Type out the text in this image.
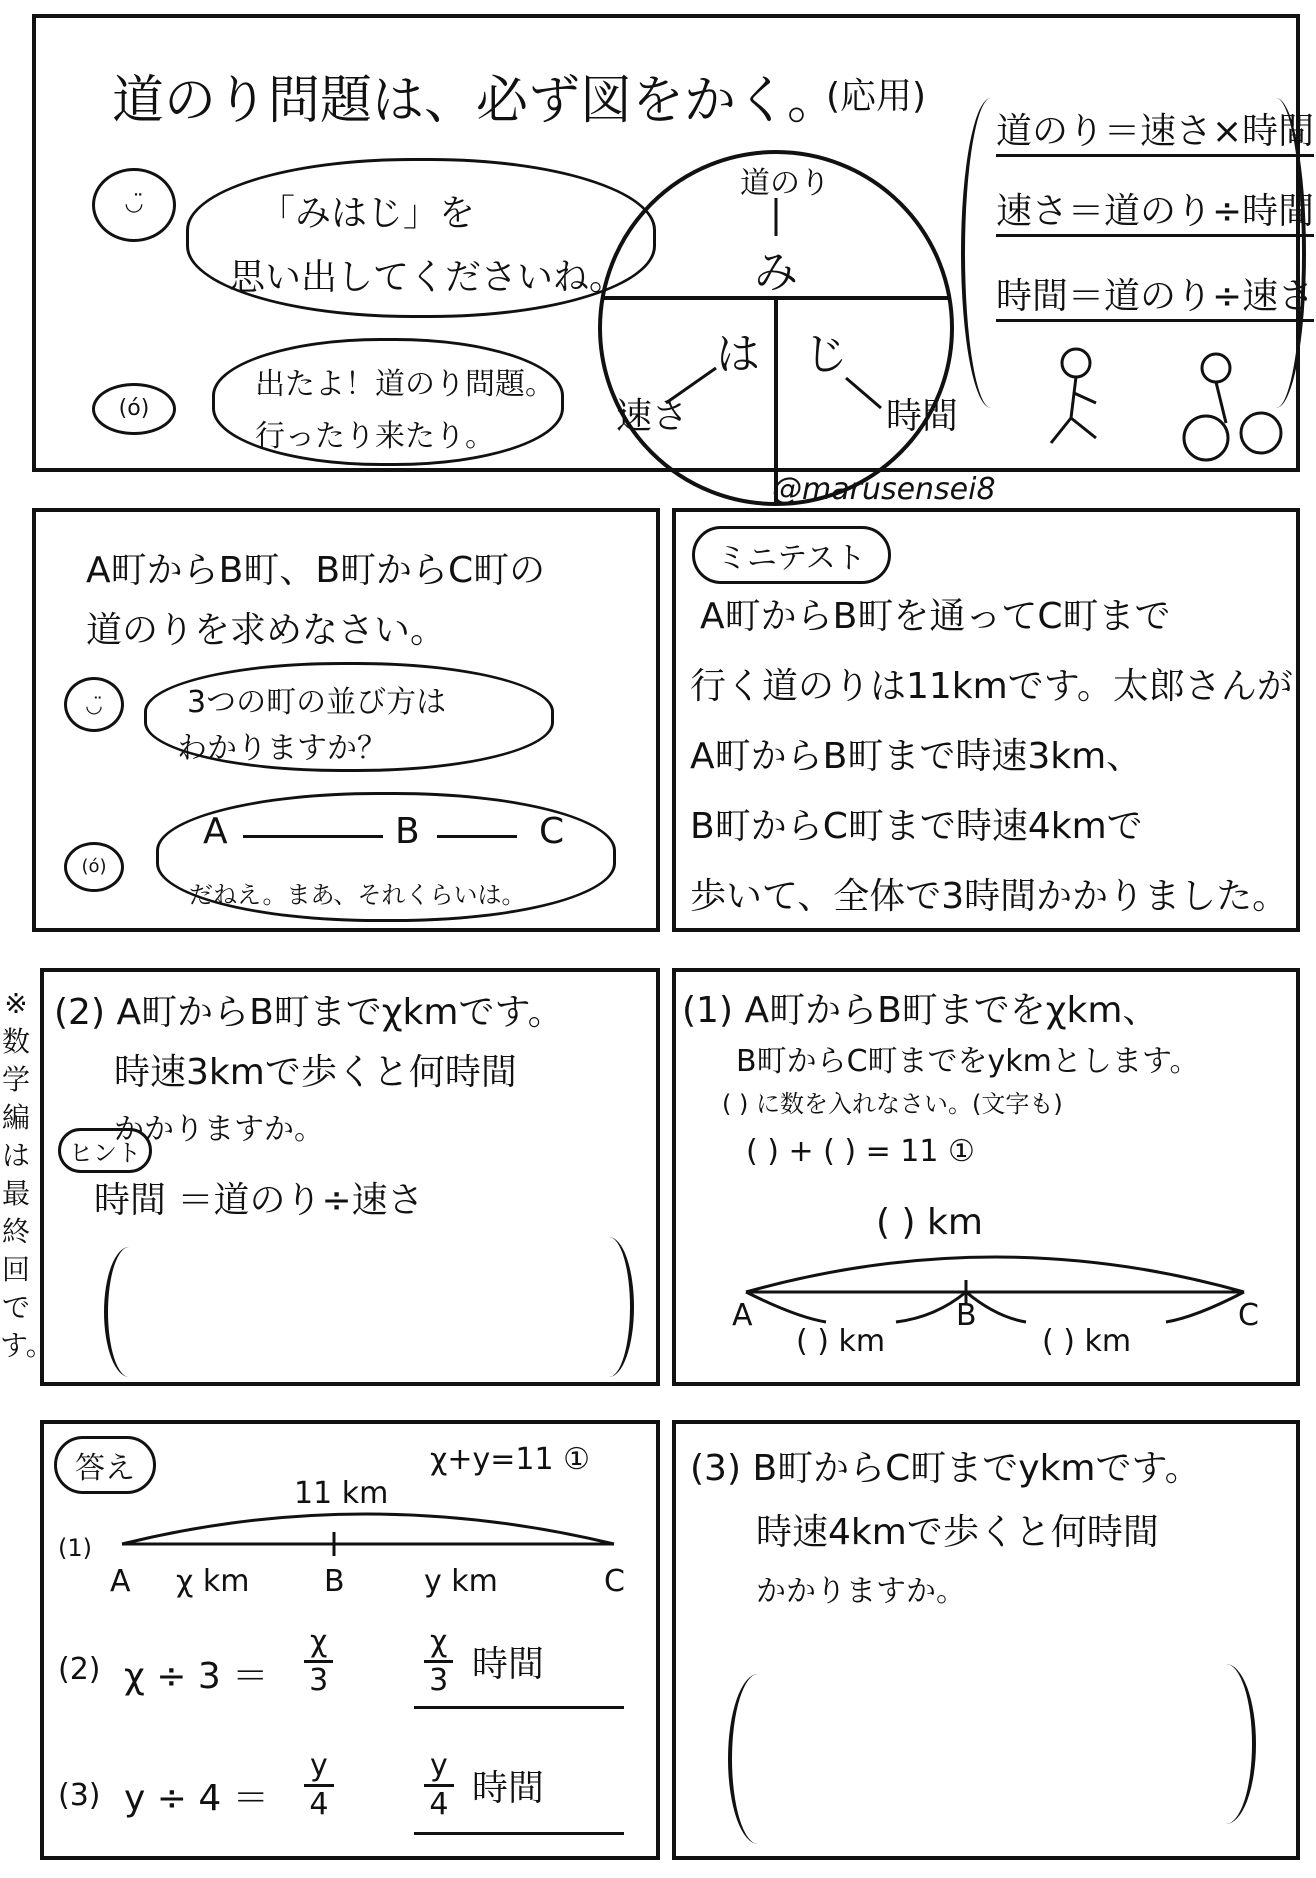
道のり問題は、必ず図をかく。
(応用)
◡̈	「みはじ」を
思い出してくださいね。
(ó)
出たよ！道のり問題。
行ったり来たり。
道のり
み
は じ
速さ	時間
道のり＝速さ×時間
速さ＝道のり÷時間
時間＝道のり÷速さ
@marusensei8
A町からB町、B町からC町の
道のりを求めなさい。
◡̈	3つの町の並び方は
わかりますか？
(ó)
A	B	C
だねえ。まあ、それくらいは。
ミニテスト
A町からB町を通ってC町まで
行く道のりは11kmです。太郎さんが
A町からB町まで時速3km、
B町からC町まで時速4kmで
歩いて、全体で3時間かかりました。
※数学編は最終回です。
(2) A町からB町までχkmです。
時速3kmで歩くと何時間
かかりますか。
ヒント
時間 ＝道のり÷速さ
(1) A町からB町までをχkm、
B町からC町までをykmとします。
( ) に数を入れなさい。(文字も)
( ) + ( ) = 11 ①
( ) km
A	B	C
( ) km	( ) km
答え	χ+y=11 ①
11 km
(1)
A	B	C
χ km	y km
(2) $\chi \div 3 = \frac{\chi}{3}$	$\frac{\chi}{3}$ 時間
(3) $y \div 4 = \frac{y}{4}$	$\frac{y}{4}$ 時間
(3) B町からC町までykmです。
時速4kmで歩くと何時間
かかりますか。
